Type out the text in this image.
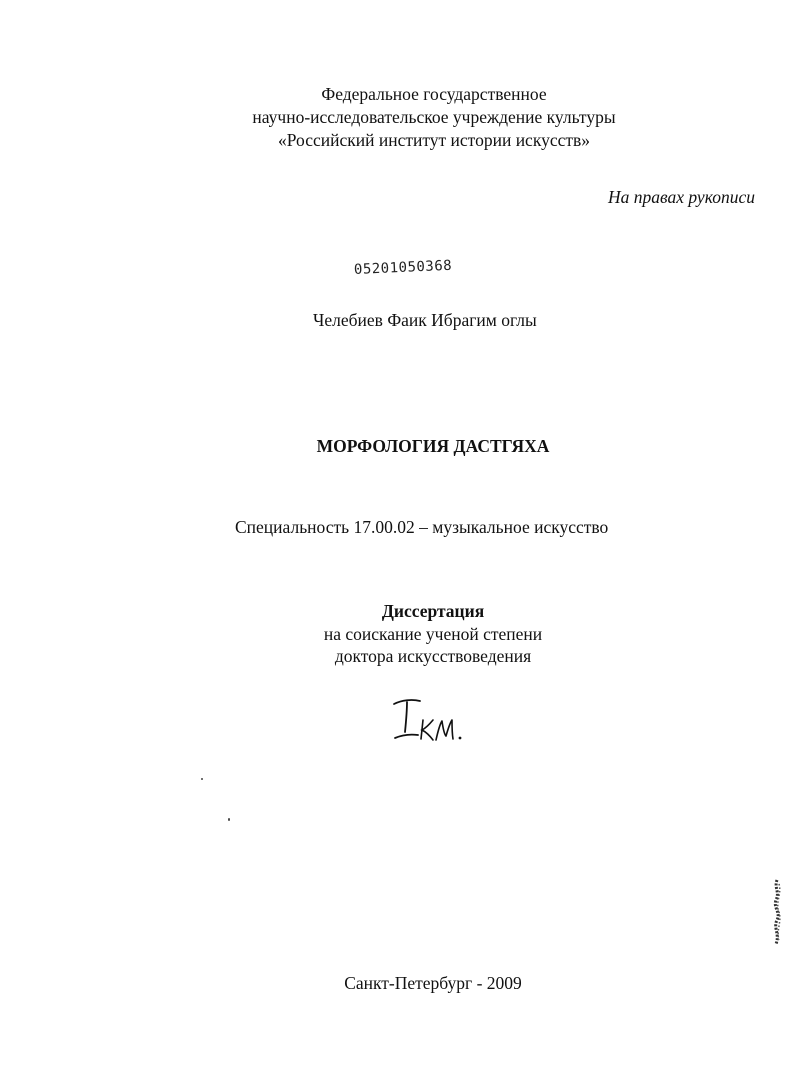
Федеральное государственное
научно-исследовательское учреждение культуры
«Российский институт истории искусств»
На правах рукописи
05201050368
Челебиев Фаик Ибрагим оглы
МОРФОЛОГИЯ ДАСТГЯХА
Специальность 17.00.02 – музыкальное искусство
Диссертация
на соискание ученой степени
доктора искусствоведения
Санкт-Петербург - 2009
